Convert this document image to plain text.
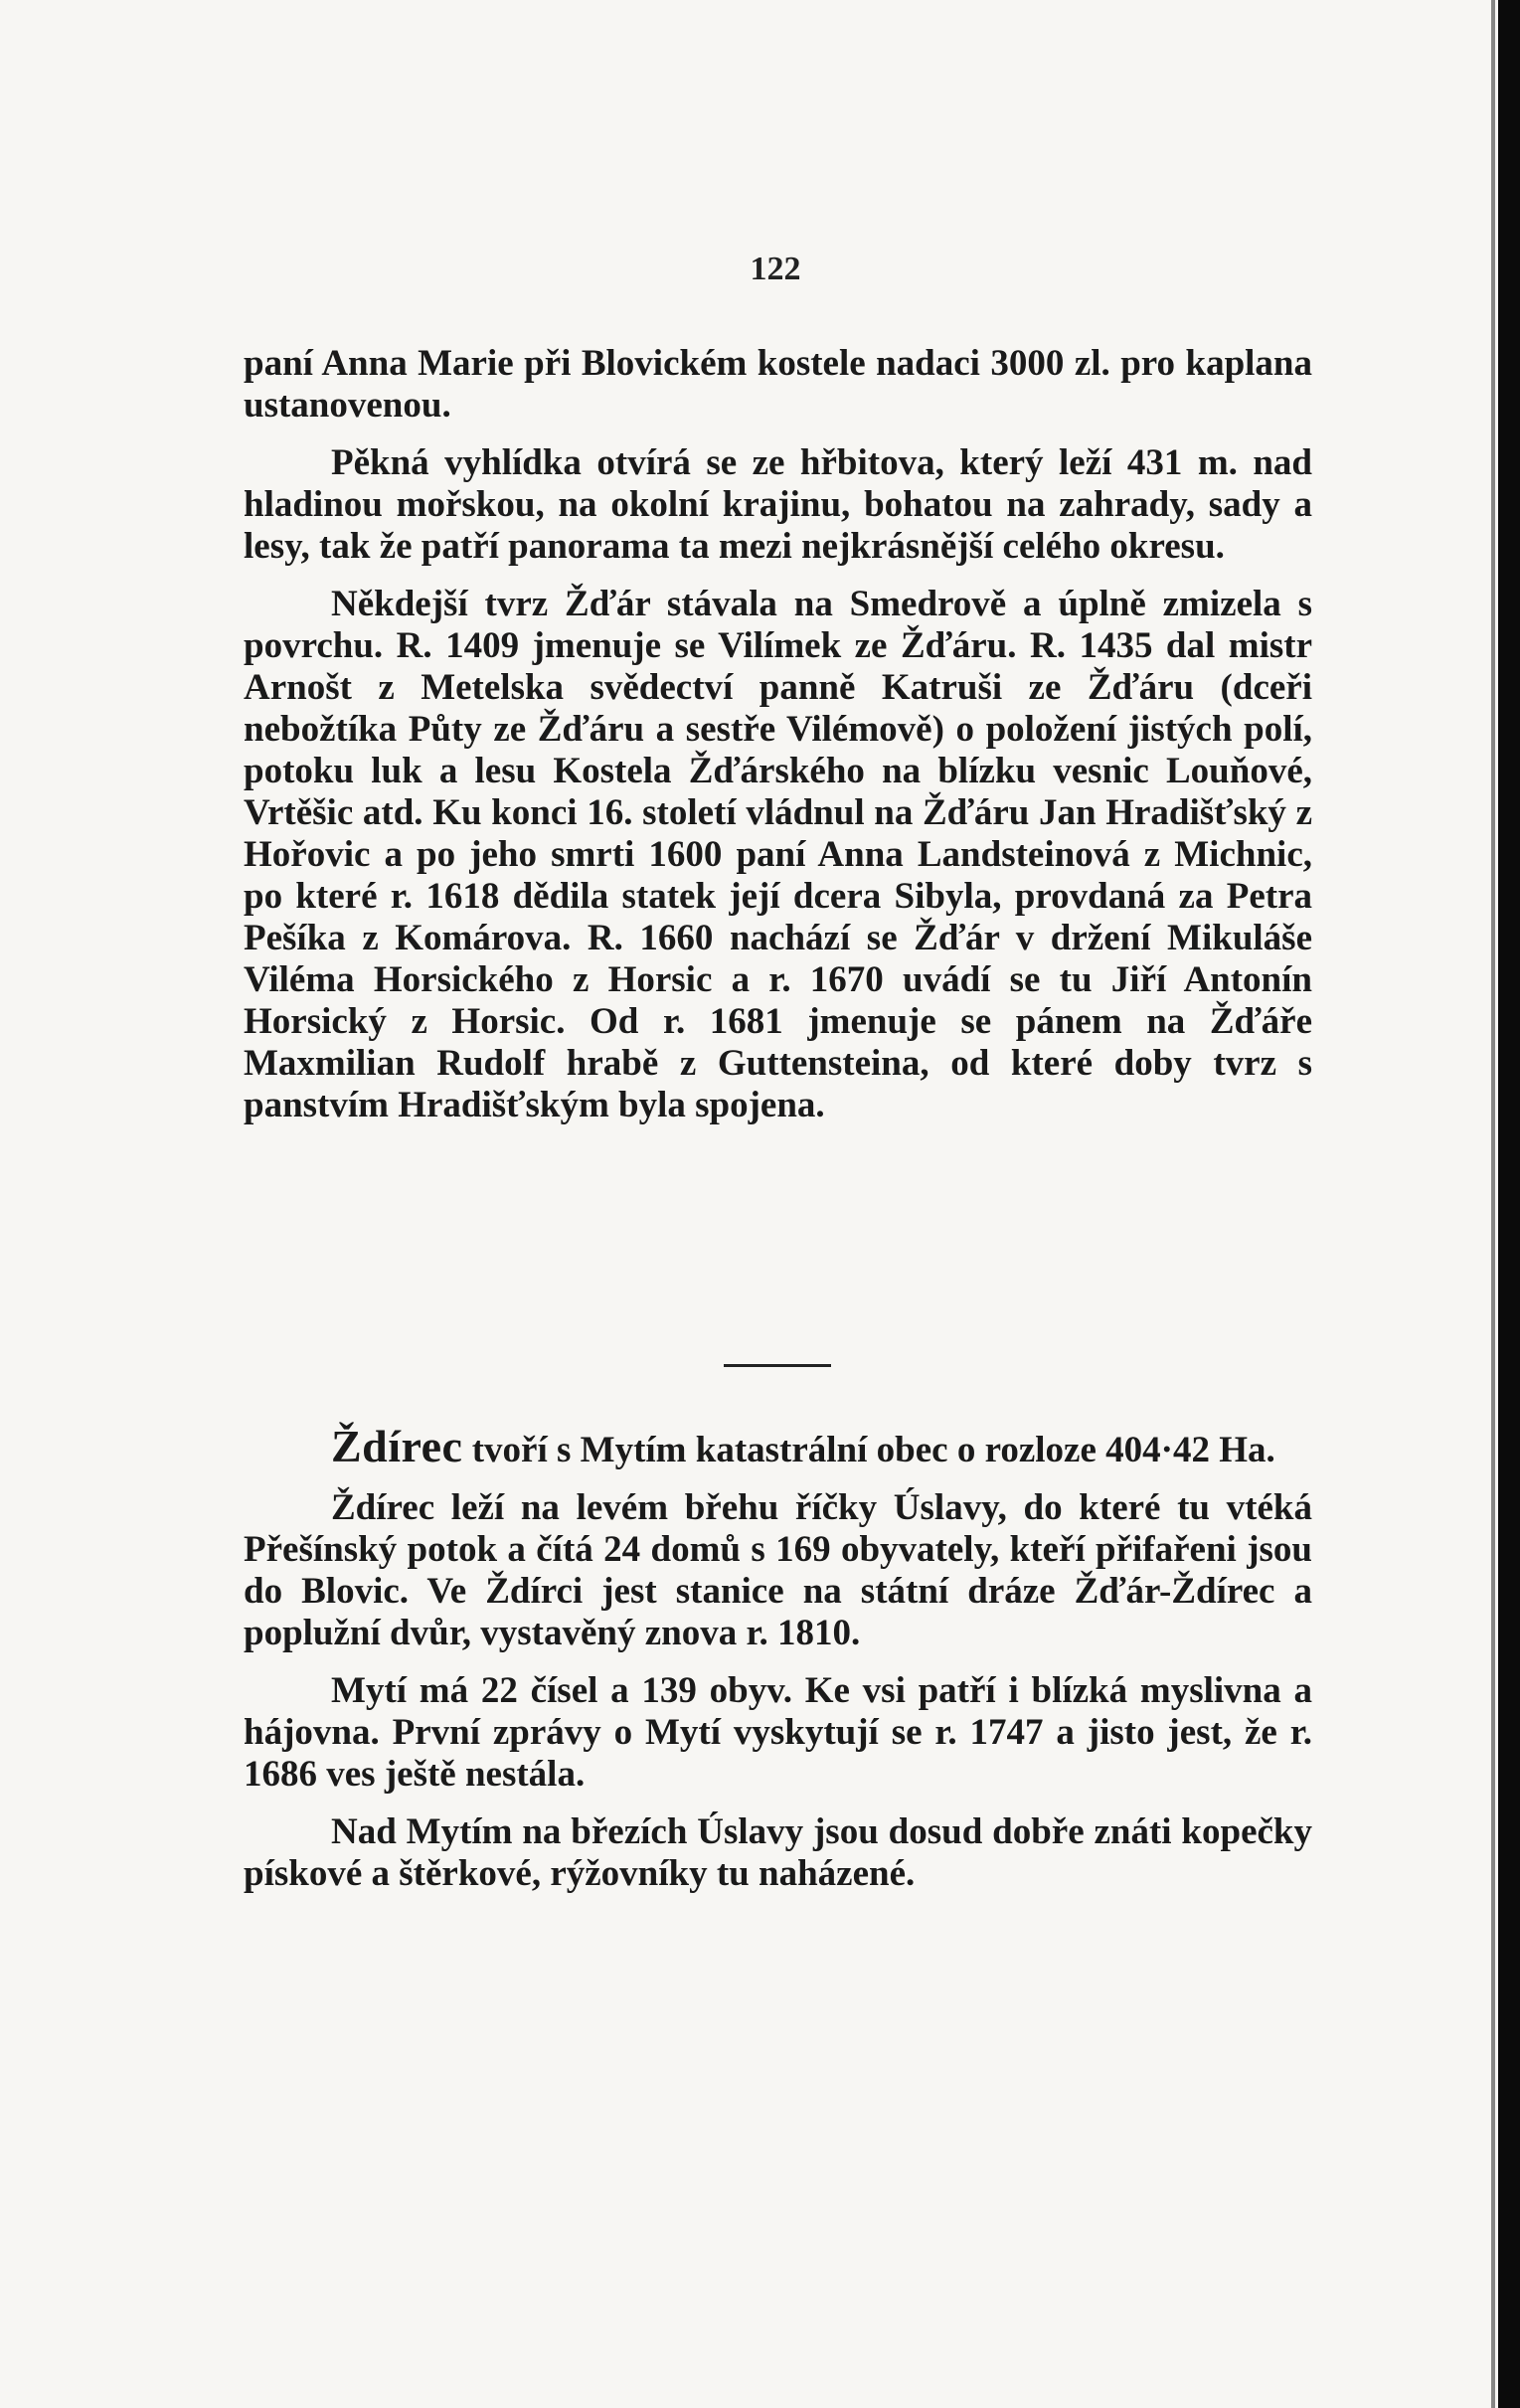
122

paní Anna Marie při Blovickém kostele nadaci 3000 zl. pro kaplana ustanovenou.

Pěkná vyhlídka otvírá se ze hřbitova, který leží 431 m. nad hladinou mořskou, na okolní krajinu, bohatou na zahrady, sady a lesy, tak že patří panorama ta mezi nejkrásnější celého okresu.

Někdejší tvrz Žďár stávala na Smedrově a úplně zmizela s povrchu. R. 1409 jmenuje se Vilímek ze Žďáru. R. 1435 dal mistr Arnošt z Metelska svědectví panně Katruši ze Žďáru (dceři nebožtíka Půty ze Žďáru a sestře Vilémově) o položení jistých polí, potoku luk a lesu Kostela Žďárského na blízku vesnic Louňové, Vrtěšic atd. Ku konci 16. století vládnul na Žďáru Jan Hradišťský z Hořovic a po jeho smrti 1600 paní Anna Landsteinová z Michnic, po které r. 1618 dědila statek její dcera Sibyla, provdaná za Petra Pešíka z Komárova. R. 1660 nachází se Žďár v držení Mikuláše Viléma Horsického z Horsic a r. 1670 uvádí se tu Jiří Antonín Horsický z Horsic. Od r. 1681 jmenuje se pánem na Žďáře Maxmilian Rudolf hrabě z Guttensteina, od které doby tvrz s panstvím Hradišťským byla spojena.

Ždírec tvoří s Mytím katastrální obec o rozloze 404·42 Ha.

Ždírec leží na levém břehu říčky Úslavy, do které tu vtéká Přešínský potok a čítá 24 domů s 169 obyvately, kteří přifařeni jsou do Blovic. Ve Ždírci jest stanice na státní dráze Žďár-Ždírec a poplužní dvůr, vystavěný znova r. 1810.

Mytí má 22 čísel a 139 obyv. Ke vsi patří i blízká myslivna a hájovna. První zprávy o Mytí vyskytují se r. 1747 a jisto jest, že r. 1686 ves ještě nestála.

Nad Mytím na březích Úslavy jsou dosud dobře znáti kopečky pískové a štěrkové, rýžovníky tu naházené.
